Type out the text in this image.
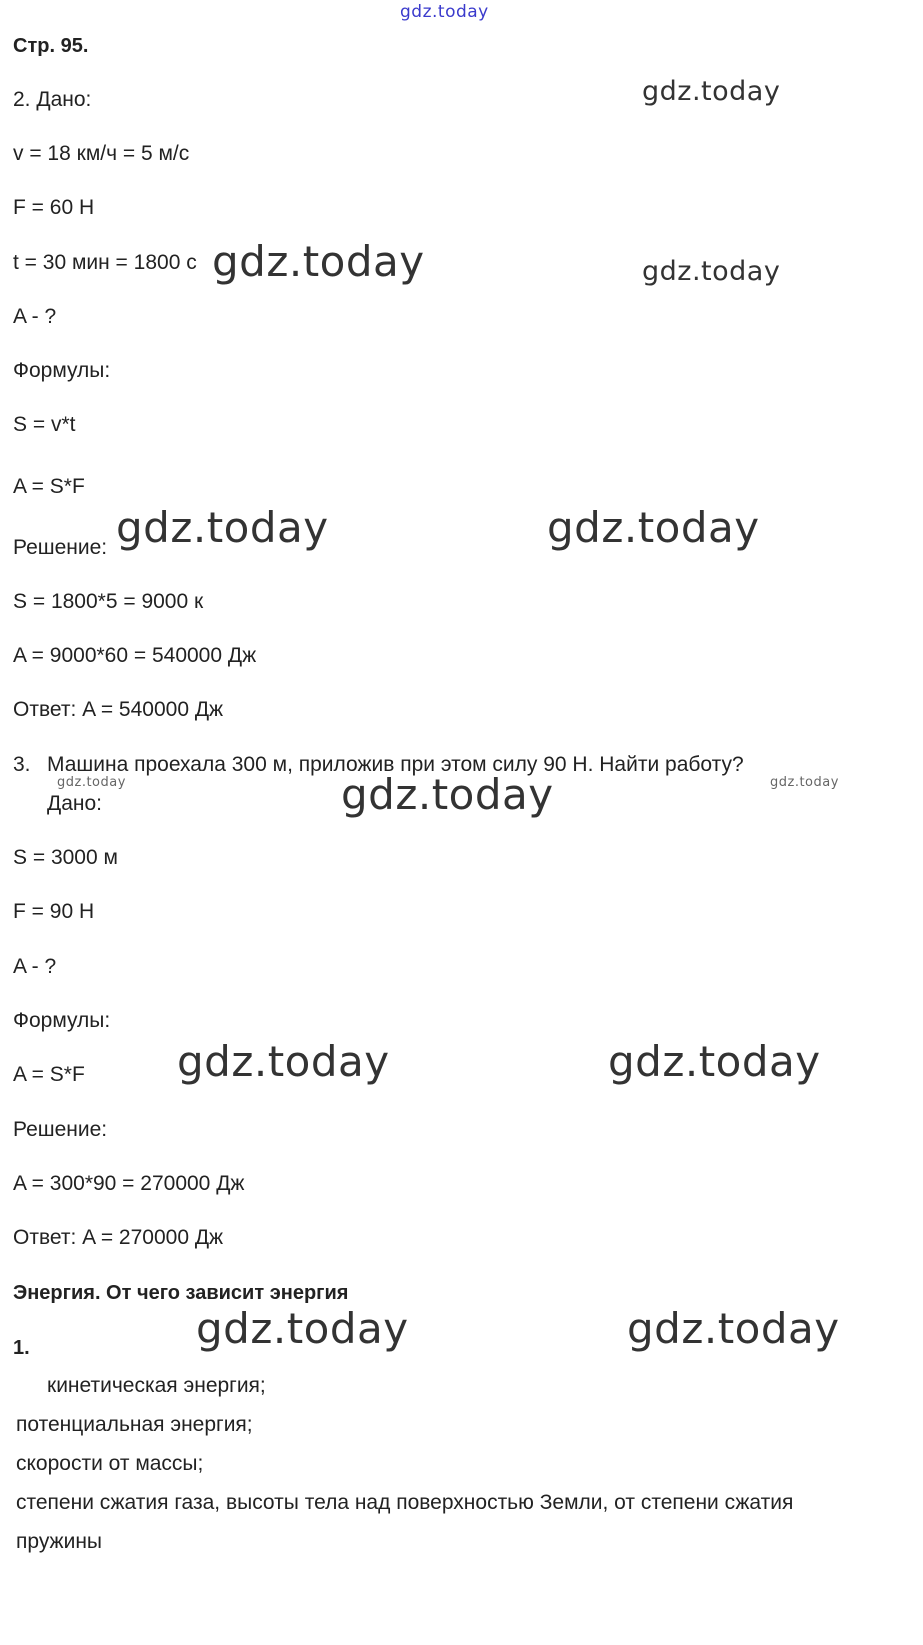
gdz.today
Стр. 95.
2. Дано:	gdz.today
v = 18 км/ч = 5 м/с
F = 60 Н
t = 30 мин = 1800 с gdz.today	gdz.today
A - ?
Формулы:
S = v*t
A = S*F
Решение: gdz.today	gdz.today
S = 1800*5 = 9000 к
A = 9000*60 = 540000 Дж
Ответ: A = 540000 Дж
3. Машина проехала 300 м, приложив при этом силу 90 Н. Найти работу?
gdz.today	gdz.today
Дано:	gdz.today
S = 3000 м
F = 90 Н
A - ?
Формулы:
A = S*F gdz.today	gdz.today
Решение:
A = 300*90 = 270000 Дж
Ответ: A = 270000 Дж
Энергия. От чего зависит энергия
gdz.today	gdz.today
1.
кинетическая энергия;
потенциальная энергия;
скорости от массы;
степени сжатия газа, высоты тела над поверхностью Земли, от степени сжатия
пружины
